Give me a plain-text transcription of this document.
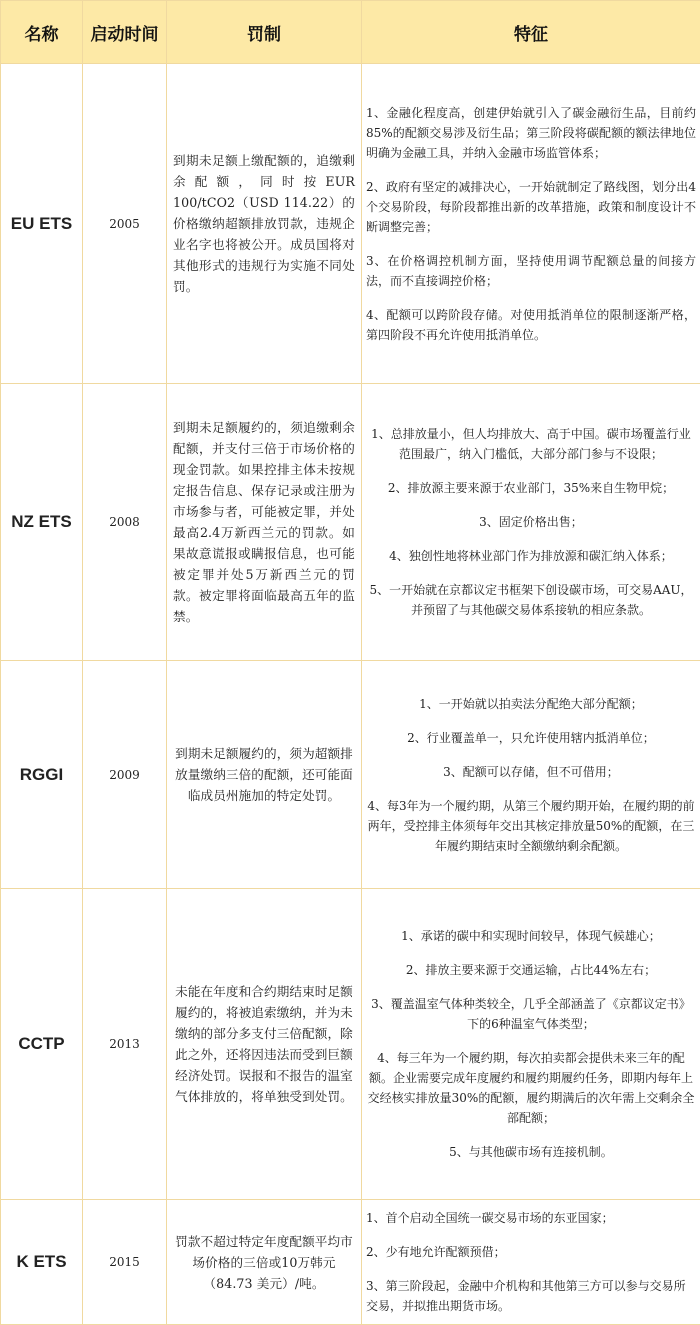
名称	启动时间	罚制	特征
EU ETS	2005	到期未足额上缴配额的，追缴剩余配额，同时按EUR 100/tCO2（USD 114.22）的价格缴纳超额排放罚款，违规企业名字也将被公开。成员国将对其他形式的违规行为实施不同处罚。	1、金融化程度高，创建伊始就引入了碳金融衍生品，目前约85%的配额交易涉及衍生品；第三阶段将碳配额的额法律地位明确为金融工具，并纳入金融市场监管体系；

2、政府有坚定的减排决心，一开始就制定了路线图，划分出4个交易阶段，每阶段都推出新的改革措施，政策和制度设计不断调整完善；

3、在价格调控机制方面，坚持使用调节配额总量的间接方法，而不直接调控价格；

4、配额可以跨阶段存储。对使用抵消单位的限制逐渐严格，第四阶段不再允许使用抵消单位。

NZ ETS	2008	到期未足额履约的，须追缴剩余配额，并支付三倍于市场价格的现金罚款。如果控排主体未按规定报告信息、保存记录或注册为市场参与者，可能被定罪，并处最高2.4万新西兰元的罚款。如果故意谎报或瞒报信息，也可能被定罪并处5万新西兰元的罚款。被定罪将面临最高五年的监禁。	1、总排放量小，但人均排放大、高于中国。碳市场覆盖行业范围最广，纳入门槛低，大部分部门参与不设限；

2、排放源主要来源于农业部门，35%来自生物甲烷；

3、固定价格出售；

4、独创性地将林业部门作为排放源和碳汇纳入体系；

5、一开始就在京都议定书框架下创设碳市场，可交易AAU，并预留了与其他碳交易体系接轨的相应条款。

RGGI	2009	到期未足额履约的，须为超额排放量缴纳三倍的配额，还可能面临成员州施加的特定处罚。	1、一开始就以拍卖法分配绝大部分配额；

2、行业覆盖单一，只允许使用辖内抵消单位；

3、配额可以存储，但不可借用；

4、每3年为一个履约期，从第三个履约期开始，在履约期的前两年，受控排主体须每年交出其核定排放量50%的配额，在三年履约期结束时全额缴纳剩余配额。

CCTP	2013	未能在年度和合约期结束时足额履约的，将被追索缴纳，并为未缴纳的部分多支付三倍配额，除此之外，还将因违法而受到巨额经济处罚。误报和不报告的温室气体排放的，将单独受到处罚。	1、承诺的碳中和实现时间较早，体现气候雄心；

2、排放主要来源于交通运输，占比44%左右；

3、覆盖温室气体种类较全，几乎全部涵盖了《京都议定书》下的6种温室气体类型；

4、每三年为一个履约期，每次拍卖都会提供未来三年的配额。企业需要完成年度履约和履约期履约任务，即期内每年上交经核实排放量30%的配额，履约期满后的次年需上交剩余全部配额；

5、与其他碳市场有连接机制。

K ETS	2015	罚款不超过特定年度配额平均市场价格的三倍或10万韩元（84.73 美元）/吨。	1、首个启动全国统一碳交易市场的东亚国家；

2、少有地允许配额预借；

3、第三阶段起，金融中介机构和其他第三方可以参与交易所交易，并拟推出期货市场。
